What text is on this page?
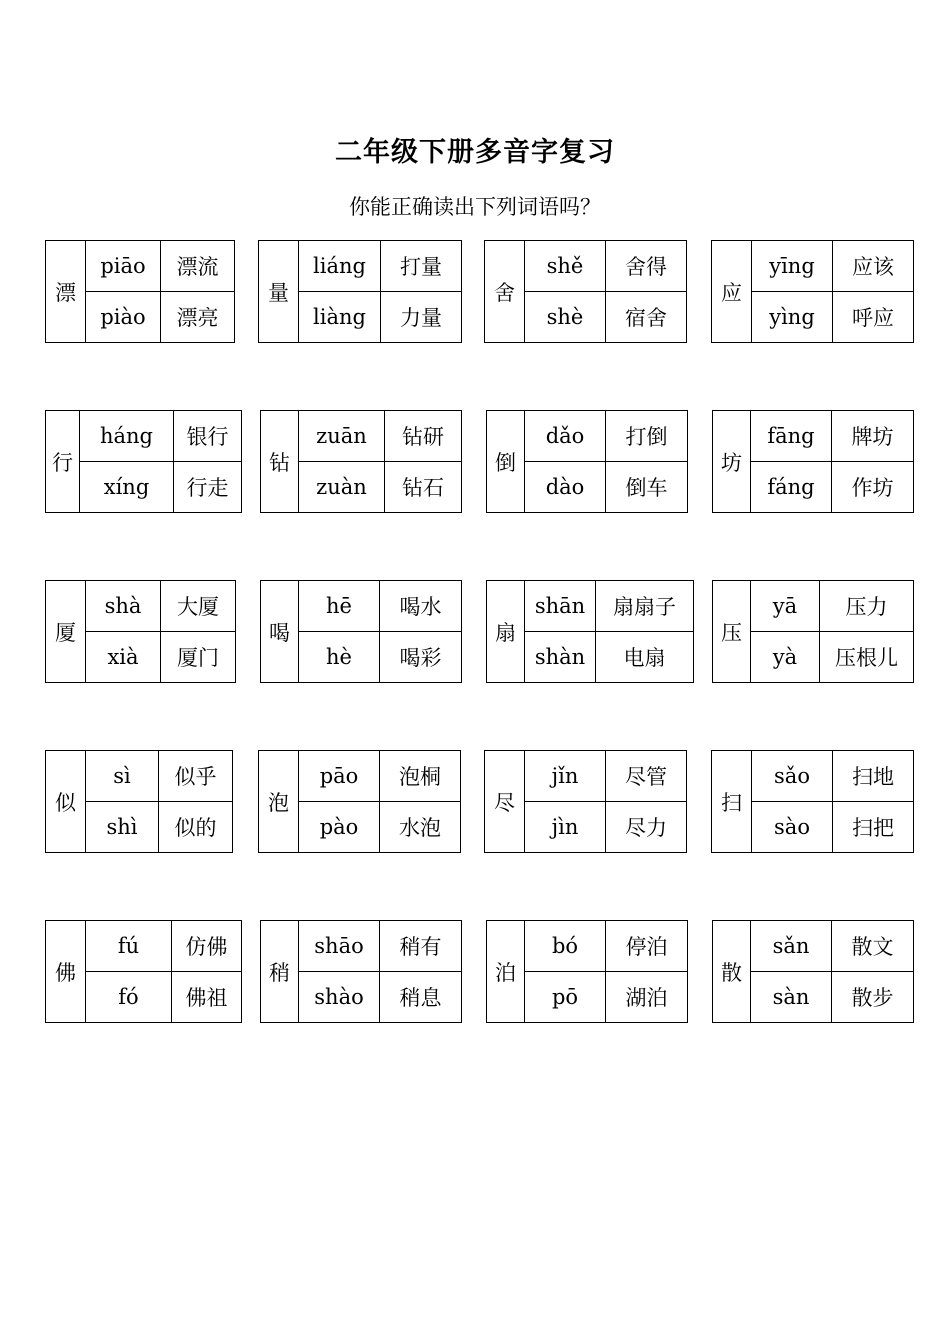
二年级下册多音字复习
你能正确读出下列词语吗？
漂	piāo	漂流
	piào	漂亮
量	liáng	打量
	liàng	力量
舍	shě	舍得
	shè	宿舍
应	yīng	应该
	yìng	呼应
行	háng	银行
	xíng	行走
钻	zuān	钻研
	zuàn	钻石
倒	dǎo	打倒
	dào	倒车
坊	fāng	牌坊
	fáng	作坊
厦	shà	大厦
	xià	厦门
喝	hē	喝水
	hè	喝彩
扇	shān	扇扇子
	shàn	电扇
压	yā	压力
	yà	压根儿
似	sì	似乎
	shì	似的
泡	pāo	泡桐
	pào	水泡
尽	jǐn	尽管
	jìn	尽力
扫	sǎo	扫地
	sào	扫把
佛	fú	仿佛
	fó	佛祖
稍	shāo	稍有
	shào	稍息
泊	bó	停泊
	pō	湖泊
散	sǎn	散文
	sàn	散步
